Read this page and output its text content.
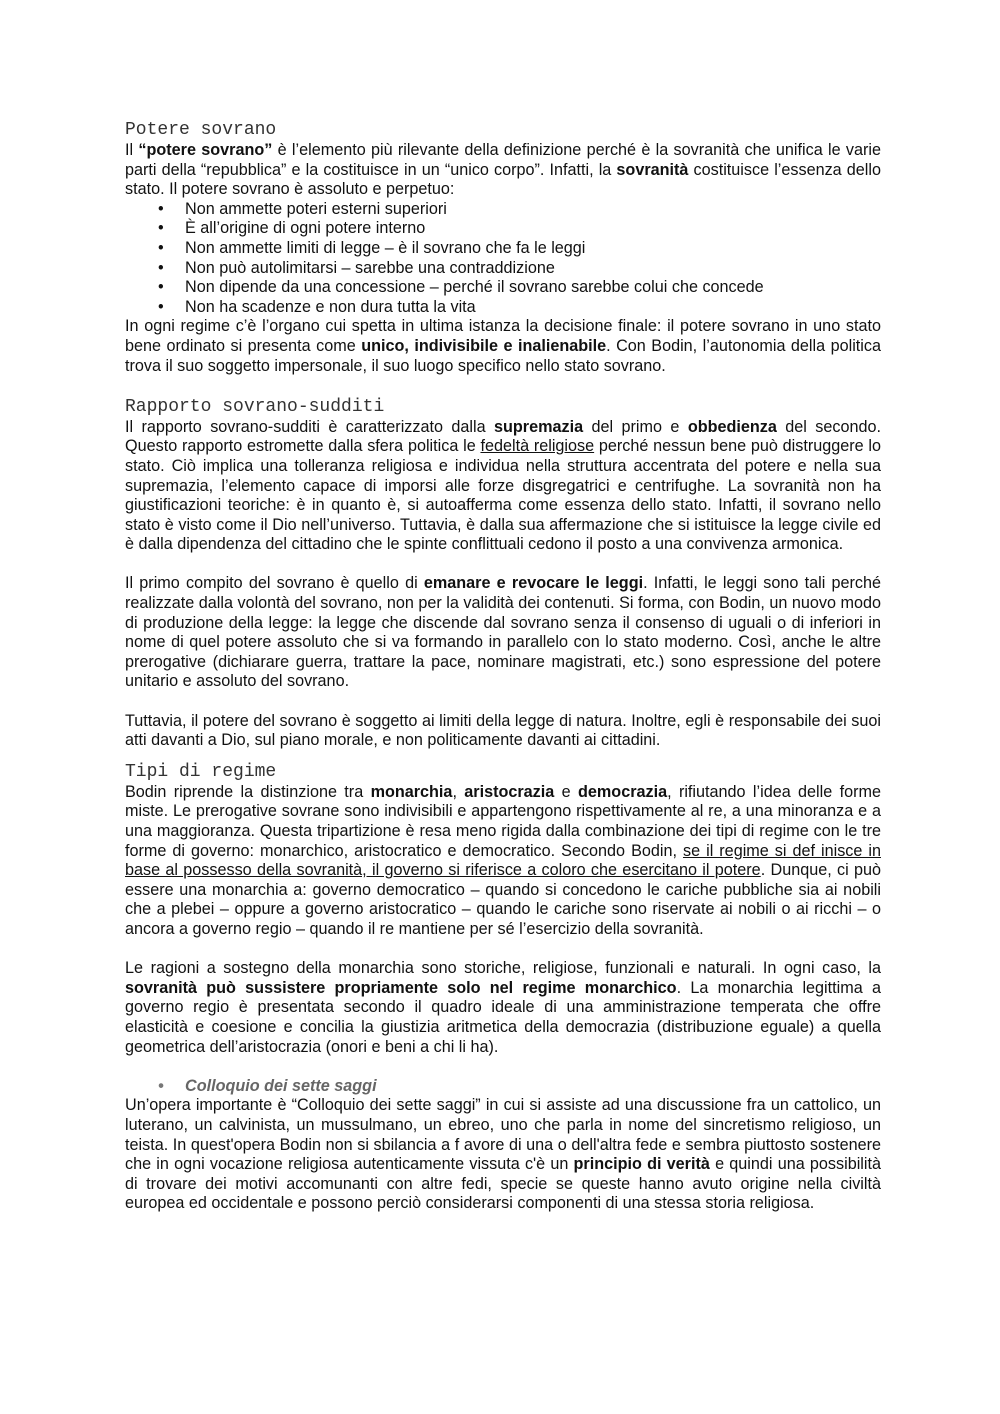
Potere sovrano

Il “potere sovrano” è l’elemento più rilevante della definizione perché è la sovranità che unifica le varie parti della “repubblica” e la costituisce in un “unico corpo”. Infatti, la sovranità costituisce l’essenza dello stato. Il potere sovrano è assoluto e perpetuo:

• Non ammette poteri esterni superiori
• È all’origine di ogni potere interno
• Non ammette limiti di legge – è il sovrano che fa le leggi
• Non può autolimitarsi – sarebbe una contraddizione
• Non dipende da una concessione – perché il sovrano sarebbe colui che concede
• Non ha scadenze e non dura tutta la vita

In ogni regime c’è l’organo cui spetta in ultima istanza la decisione finale: il potere sovrano in uno stato bene ordinato si presenta come unico, indivisibile e inalienabile. Con Bodin, l’autonomia della politica trova il suo soggetto impersonale, il suo luogo specifico nello stato sovrano.

Rapporto sovrano-sudditi

Il rapporto sovrano-sudditi è caratterizzato dalla supremazia del primo e obbedienza del secondo. Questo rapporto estromette dalla sfera politica le fedeltà religiose perché nessun bene può distruggere lo stato. Ciò implica una tolleranza religiosa e individua nella struttura accentrata del potere e nella sua supremazia, l’elemento capace di imporsi alle forze disgregatrici e centrifughe. La sovranità non ha giustificazioni teoriche: è in quanto è, si autoafferma come essenza dello stato. Infatti, il sovrano nello stato è visto come il Dio nell’universo. Tuttavia, è dalla sua affermazione che si istituisce la legge civile ed è dalla dipendenza del cittadino che le spinte conflittuali cedono il posto a una convivenza armonica.

Il primo compito del sovrano è quello di emanare e revocare le leggi. Infatti, le leggi sono tali perché realizzate dalla volontà del sovrano, non per la validità dei contenuti. Si forma, con Bodin, un nuovo modo di produzione della legge: la legge che discende dal sovrano senza il consenso di uguali o di inferiori in nome di quel potere assoluto che si va formando in parallelo con lo stato moderno. Così, anche le altre prerogative (dichiarare guerra, trattare la pace, nominare magistrati, etc.) sono espressione del potere unitario e assoluto del sovrano.

Tuttavia, il potere del sovrano è soggetto ai limiti della legge di natura. Inoltre, egli è responsabile dei suoi atti davanti a Dio, sul piano morale, e non politicamente davanti ai cittadini.

Tipi di regime

Bodin riprende la distinzione tra monarchia, aristocrazia e democrazia, rifiutando l’idea delle forme miste. Le prerogative sovrane sono indivisibili e appartengono rispettivamente al re, a una minoranza e a una maggioranza. Questa tripartizione è resa meno rigida dalla combinazione dei tipi di regime con le tre forme di governo: monarchico, aristocratico e democratico. Secondo Bodin, se il regime si def inisce in base al possesso della sovranità, il governo si riferisce a coloro che esercitano il potere. Dunque, ci può essere una monarchia a: governo democratico – quando si concedono le cariche pubbliche sia ai nobili che a plebei – oppure a governo aristocratico – quando le cariche sono riservate ai nobili o ai ricchi – o ancora a governo regio – quando il re mantiene per sé l’esercizio della sovranità.

Le ragioni a sostegno della monarchia sono storiche, religiose, funzionali e naturali. In ogni caso, la sovranità può sussistere propriamente solo nel regime monarchico. La monarchia legittima a governo regio è presentata secondo il quadro ideale di una amministrazione temperata che offre elasticità e coesione e concilia la giustizia aritmetica della democrazia (distribuzione eguale) a quella geometrica dell’aristocrazia (onori e beni a chi li ha).

• Colloquio dei sette saggi

Un’opera importante è “Colloquio dei sette saggi” in cui si assiste ad una discussione fra un cattolico, un luterano, un calvinista, un mussulmano, un ebreo, uno che parla in nome del sincretismo religioso, un teista. In quest'opera Bodin non si sbilancia a f avore di una o dell'altra fede e sembra piuttosto sostenere che in ogni vocazione religiosa autenticamente vissuta c'è un principio di verità e quindi una possibilità di trovare dei motivi accomunanti con altre fedi, specie se queste hanno avuto origine nella civiltà europea ed occidentale e possono perciò considerarsi componenti di una stessa storia religiosa.
